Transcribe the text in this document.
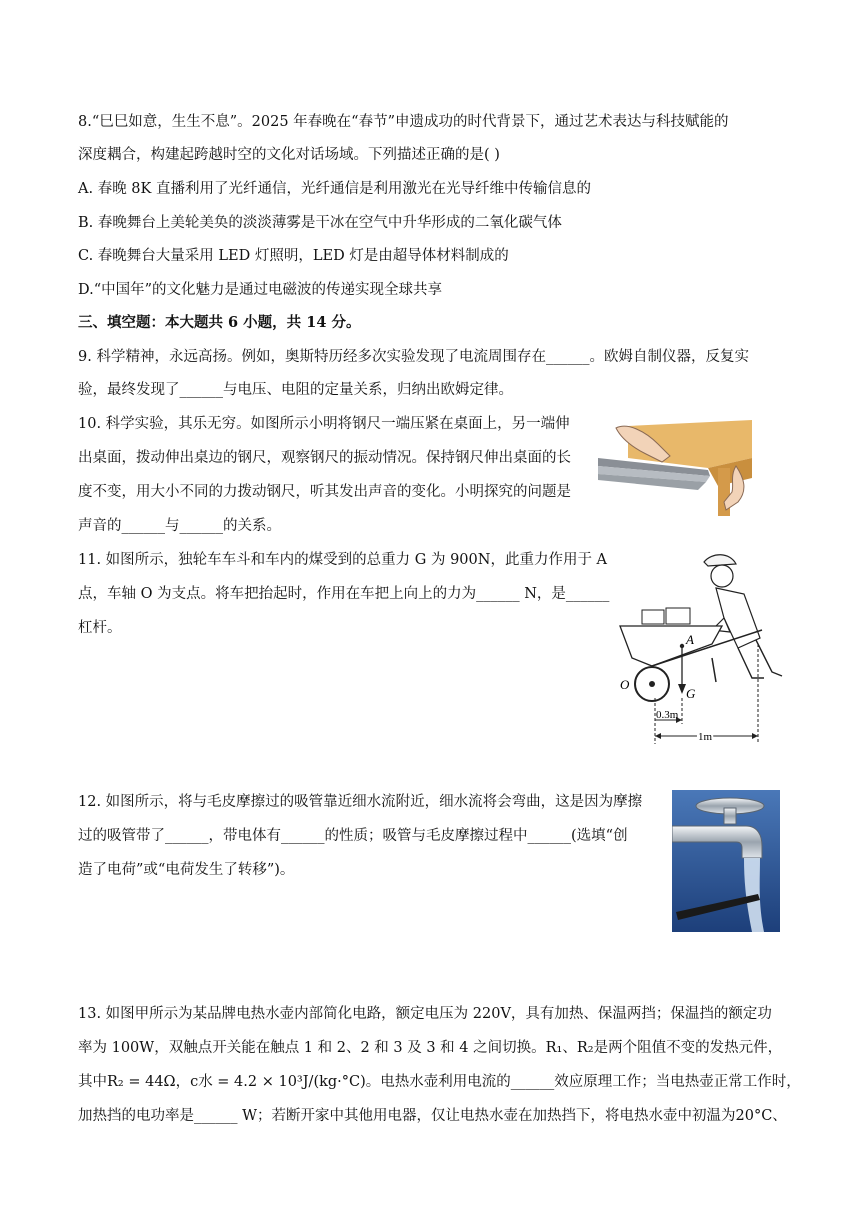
8.“巳巳如意，生生不息”。2025 年春晚在“春节”申遗成功的时代背景下，通过艺术表达与科技赋能的
深度耦合，构建起跨越时空的文化对话场域。下列描述正确的是( )
A. 春晚 8K 直播利用了光纤通信，光纤通信是利用激光在光导纤维中传输信息的
B. 春晚舞台上美轮美奂的淡淡薄雾是干冰在空气中升华形成的二氧化碳气体
C. 春晚舞台大量采用 LED 灯照明，LED 灯是由超导体材料制成的
D.“中国年”的文化魅力是通过电磁波的传递实现全球共享
三、填空题：本大题共 6 小题，共 14 分。
9. 科学精神，永远高扬。例如，奥斯特历经多次实验发现了电流周围存在______。欧姆自制仪器，反复实
验，最终发现了______与电压、电阻的定量关系，归纳出欧姆定律。
10. 科学实验，其乐无穷。如图所示小明将钢尺一端压紧在桌面上，另一端伸
出桌面，拨动伸出桌边的钢尺，观察钢尺的振动情况。保持钢尺伸出桌面的长
度不变，用大小不同的力拨动钢尺，听其发出声音的变化。小明探究的问题是
声音的______与______的关系。
11. 如图所示，独轮车车斗和车内的煤受到的总重力 G 为 900N，此重力作用于 A
点，车轴 O 为支点。将车把抬起时，作用在车把上向上的力为______ N，是______
杠杆。
A
O
G
0.3m
1m
12. 如图所示，将与毛皮摩擦过的吸管靠近细水流附近，细水流将会弯曲，这是因为摩擦
过的吸管带了______，带电体有______的性质；吸管与毛皮摩擦过程中______(选填“创
造了电荷”或“电荷发生了转移”)。
13. 如图甲所示为某品牌电热水壶内部简化电路，额定电压为 220V，具有加热、保温两挡；保温挡的额定功
率为 100W，双触点开关能在触点 1 和 2、2 和 3 及 3 和 4 之间切换。R₁、R₂是两个阻值不变的发热元件，
其中R₂ = 44Ω，c水 = 4.2 × 10³J/(kg·°C)。电热水壶利用电流的______效应原理工作；当电热壶正常工作时，
加热挡的电功率是______ W；若断开家中其他用电器，仅让电热水壶在加热挡下，将电热水壶中初温为20°C、
